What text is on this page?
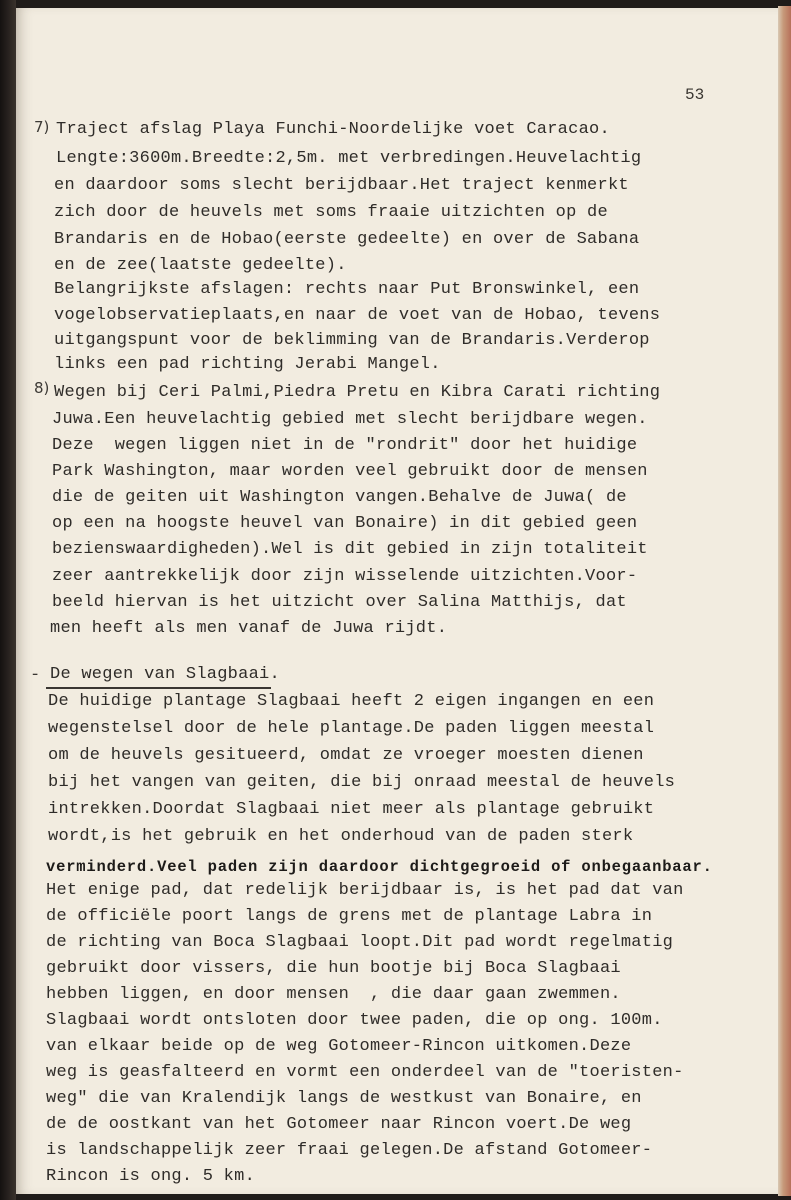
53
7) Traject afslag Playa Funchi-Noordelijke voet Caracao.
Lengte:3600m.Breedte:2,5m. met verbredingen.Heuvelachtig
en daardoor soms slecht berijdbaar.Het traject kenmerkt
zich door de heuvels met soms fraaie uitzichten op de
Brandaris en de Hobao(eerste gedeelte) en over de Sabana
en de zee(laatste gedeelte).
Belangrijkste afslagen: rechts naar Put Bronswinkel, een
vogelobservatieplaats,en naar de voet van de Hobao, tevens
uitgangspunt voor de beklimming van de Brandaris.Verderop
links een pad richting Jerabi Mangel.
8) Wegen bij Ceri Palmi,Piedra Pretu en Kibra Carati richting
Juwa.Een heuvelachtig gebied met slecht berijdbare wegen.
Deze  wegen liggen niet in de "rondrit" door het huidige
Park Washington, maar worden veel gebruikt door de mensen
die de geiten uit Washington vangen.Behalve de Juwa( de
op een na hoogste heuvel van Bonaire) in dit gebied geen
bezienswaardigheden).Wel is dit gebied in zijn totaliteit
zeer aantrekkelijk door zijn wisselende uitzichten.Voor-
beeld hiervan is het uitzicht over Salina Matthijs, dat
men heeft als men vanaf de Juwa rijdt.
- De wegen van Slagbaai.
De huidige plantage Slagbaai heeft 2 eigen ingangen en een
wegenstelsel door de hele plantage.De paden liggen meestal
om de heuvels gesitueerd, omdat ze vroeger moesten dienen
bij het vangen van geiten, die bij onraad meestal de heuvels
intrekken.Doordat Slagbaai niet meer als plantage gebruikt
wordt,is het gebruik en het onderhoud van de paden sterk
verminderd.Veel paden zijn daardoor dichtgegroeid of onbegaanbaar.
Het enige pad, dat redelijk berijdbaar is, is het pad dat van
de officiële poort langs de grens met de plantage Labra in
de richting van Boca Slagbaai loopt.Dit pad wordt regelmatig
gebruikt door vissers, die hun bootje bij Boca Slagbaai
hebben liggen, en door mensen  , die daar gaan zwemmen.
Slagbaai wordt ontsloten door twee paden, die op ong. 100m.
van elkaar beide op de weg Gotomeer-Rincon uitkomen.Deze
weg is geasfalteerd en vormt een onderdeel van de "toeristen-
weg" die van Kralendijk langs de westkust van Bonaire, en
de de oostkant van het Gotomeer naar Rincon voert.De weg
is landschappelijk zeer fraai gelegen.De afstand Gotomeer-
Rincon is ong. 5 km.
